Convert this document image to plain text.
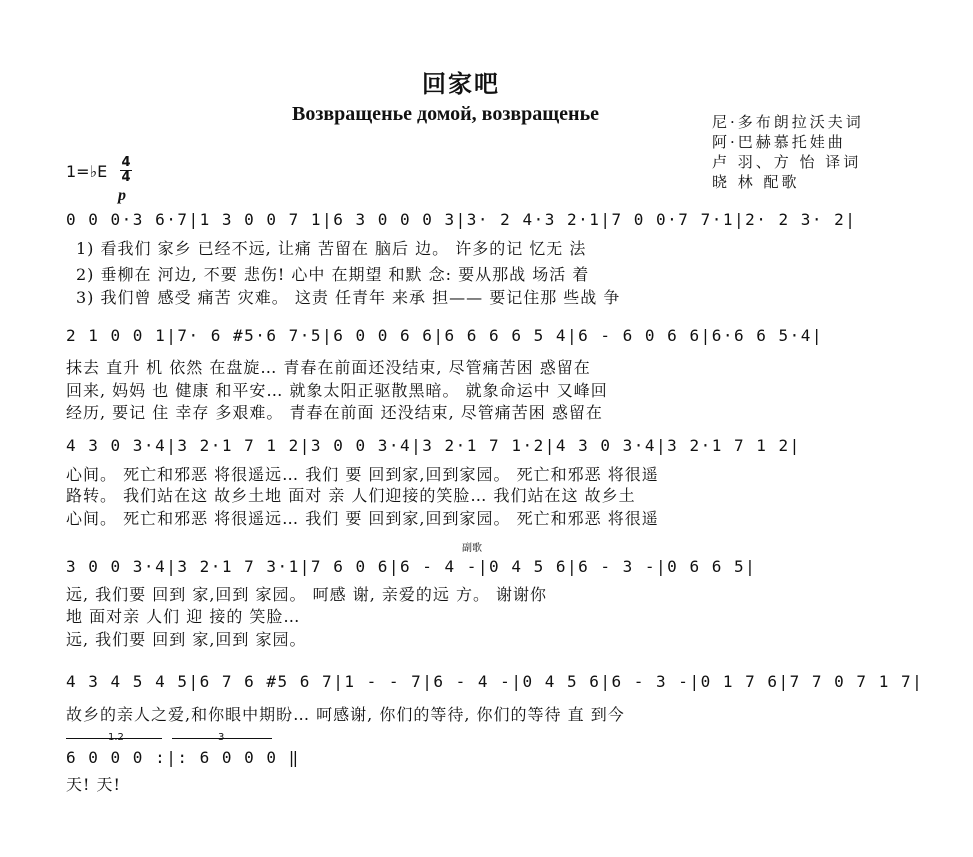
回家吧
Возвращенье домой, возвращенье	尼·多布朗拉沃夫词
阿·巴赫慕托娃曲
卢 羽、方 怡 译词
晓 林 配歌
1=♭E 4
4
p
0 0 0·3 6·7|1 3 0 0 7 1|6 3 0 0 0 3|3· 2 4·3 2·1|7 0 0·7 7·1|2· 2 3· 2|
1) 看我们 家乡 已经不远, 让痛 苦留在 脑后 边。 许多的记 忆无 法
2) 垂柳在 河边, 不要 悲伤! 心中 在期望 和默 念: 要从那战 场活 着
3) 我们曾 感受 痛苦 灾难。 这责 任青年 来承 担—— 要记住那 些战 争
2 1 0 0 1|7· 6 #5·6 7·5|6 0 0 6 6|6 6 6 6 5 4|6 - 6 0 6 6|6·6 6 5·4|
抹去 直升 机 依然 在盘旋… 青春在前面还没结束, 尽管痛苦困 惑留在
回来, 妈妈 也 健康 和平安… 就象太阳正驱散黑暗。 就象命运中 又峰回
经历, 要记 住 幸存 多艰难。 青春在前面 还没结束, 尽管痛苦困 惑留在
4 3 0 3·4|3 2·1 7 1 2|3 0 0 3·4|3 2·1 7 1·2|4 3 0 3·4|3 2·1 7 1 2|
心间。 死亡和邪恶 将很遥远… 我们 要 回到家,回到家园。 死亡和邪恶 将很遥
路转。 我们站在这 故乡土地 面对 亲 人们迎接的笑脸… 我们站在这 故乡土
心间。 死亡和邪恶 将很遥远… 我们 要 回到家,回到家园。 死亡和邪恶 将很遥
副歌
3 0 0 3·4|3 2·1 7 3·1|7 6 0 6|6 - 4 -|0 4 5 6|6 - 3 -|0 6 6 5|
远, 我们要 回到 家,回到 家园。 呵感 谢, 亲爱的远 方。 谢谢你
地 面对亲 人们 迎 接的 笑脸…
远, 我们要 回到 家,回到 家园。
4 3 4 5 4 5|6 7 6 #5 6 7|1 - - 7|6 - 4 -|0 4 5 6|6 - 3 -|0 1 7 6|7 7 0 7 1 7|
故乡的亲人之爱,和你眼中期盼… 呵感谢, 你们的等待, 你们的等待 直 到今
1.2	3
6 0 0 0 :|: 6 0 0 0 ‖
天! 天!
